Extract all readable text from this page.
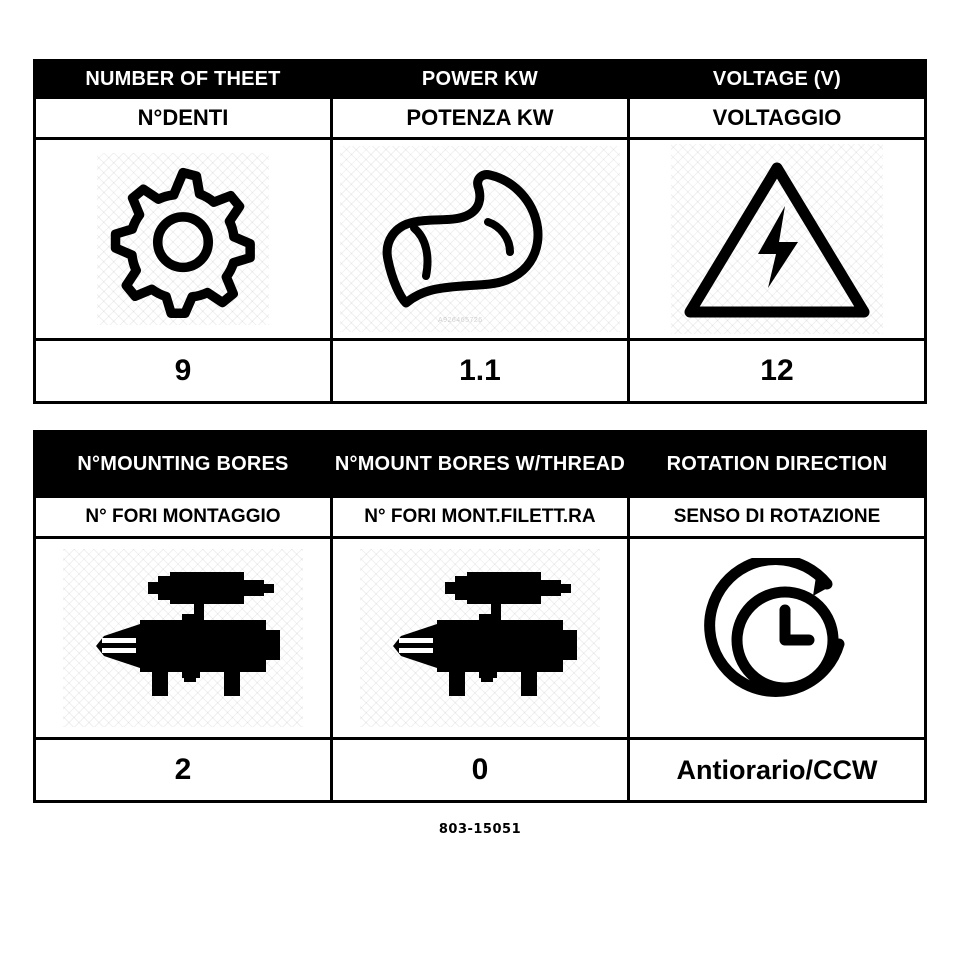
NUMBER OF THEET	POWER KW	VOLTAGE (V)
N°DENTI	POTENZA KW	VOLTAGGIO

A926465726

9	1.1	12
N°MOUNTING BORES	N°MOUNT BORES W/THREAD	ROTATION DIRECTION
N° FORI MONTAGGIO	N° FORI MONT.FILETT.RA	SENSO DI ROTAZIONE

2	0	Antiorario/CCW
803-15051
